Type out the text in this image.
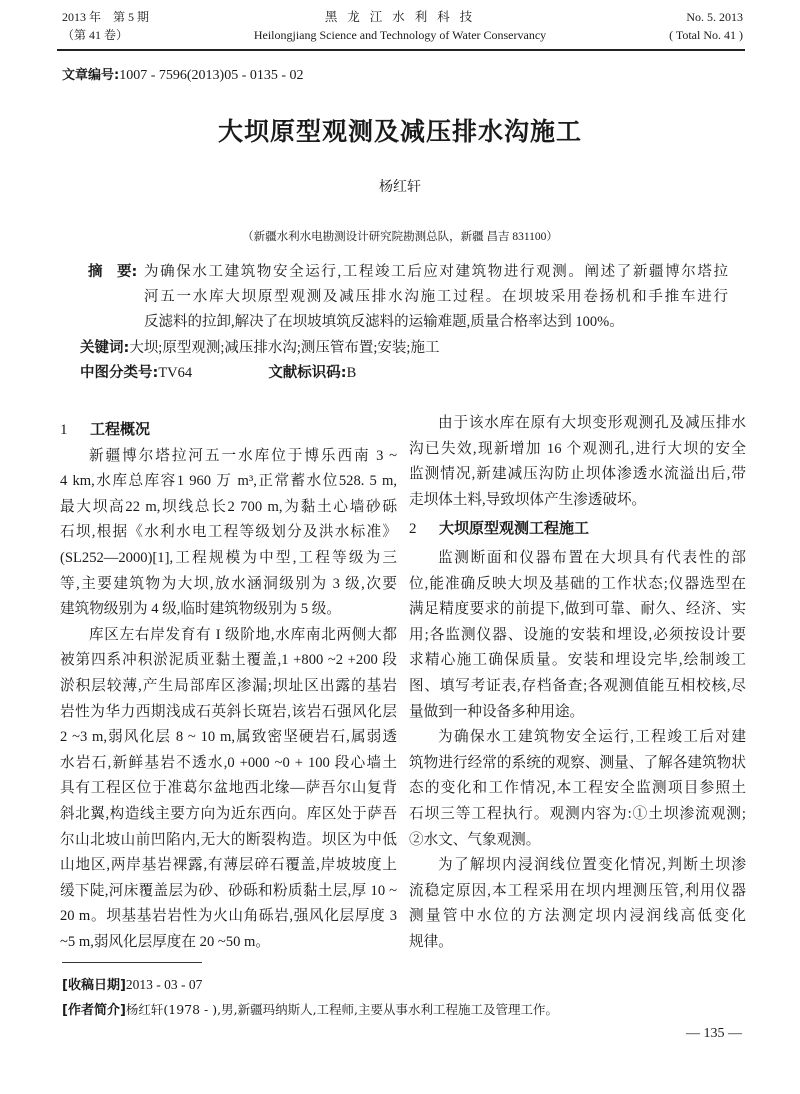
2013 年　第 5 期
（第 41 卷）
黑 龙 江 水 利 科 技
Heilongjiang Science and Technology of Water Conservancy
No. 5. 2013
( Total No. 41 )
文章编号:1007 - 7596(2013)05 - 0135 - 02
大坝原型观测及减压排水沟施工
杨红轩
（新疆水利水电勘测设计研究院勘测总队，新疆 昌吉 831100）
摘　要: 为确保水工建筑物安全运行,工程竣工后应对建筑物进行观测。阐述了新疆博尔塔拉
河五一水库大坝原型观测及减压排水沟施工过程。在坝坡采用卷扬机和手推车进行
反滤料的拉卸,解决了在坝坡填筑反滤料的运输难题,质量合格率达到 100%。
关键词:大坝;原型观测;减压排水沟;测压管布置;安装;施工
中图分类号:TV64	文献标识码:B
1 工程概况
新疆博尔塔拉河五一水库位于博乐西南 3 ~
4 km,水库总库容1 960 万 m³,正常蓄水位528. 5 m,
最大坝高22 m,坝线总长2 700 m,为黏土心墙砂砾
石坝,根据《水利水电工程等级划分及洪水标准》
(SL252—2000)[1],工程规模为中型,工程等级为三
等,主要建筑物为大坝,放水涵洞级别为 3 级,次要
建筑物级别为 4 级,临时建筑物级别为 5 级。
库区左右岸发育有 I 级阶地,水库南北两侧大都
被第四系冲积淤泥质亚黏土覆盖,1 +800 ~2 +200 段
淤积层较薄,产生局部库区渗漏;坝址区出露的基岩
岩性为华力西期浅成石英斜长斑岩,该岩石强风化层
2 ~3 m,弱风化层 8 ~ 10 m,属致密坚硬岩石,属弱透
水岩石,新鲜基岩不透水,0 +000 ~0 + 100 段心墙土
具有工程区位于准葛尔盆地西北缘—萨吾尔山复背
斜北翼,构造线主要方向为近东西向。库区处于萨吾
尔山北坡山前凹陷内,无大的断裂构造。坝区为中低
山地区,两岸基岩裸露,有薄层碎石覆盖,岸坡坡度上
缓下陡,河床覆盖层为砂、砂砾和粉质黏土层,厚 10 ~
20 m。坝基基岩岩性为火山角砾岩,强风化层厚度 3
~5 m,弱风化层厚度在 20 ~50 m。
由于该水库在原有大坝变形观测孔及减压排水
沟已失效,现新增加 16 个观测孔,进行大坝的安全
监测情况,新建减压沟防止坝体渗透水流溢出后,带
走坝体土料,导致坝体产生渗透破坏。
2 大坝原型观测工程施工
监测断面和仪器布置在大坝具有代表性的部
位,能准确反映大坝及基础的工作状态;仪器选型在
满足精度要求的前提下,做到可靠、耐久、经济、实
用;各监测仪器、设施的安装和埋设,必须按设计要
求精心施工确保质量。安装和埋设完毕,绘制竣工
图、填写考证表,存档备查;各观测值能互相校核,尽
量做到一种设备多种用途。
为确保水工建筑物安全运行,工程竣工后对建
筑物进行经常的系统的观察、测量、了解各建筑物状
态的变化和工作情况,本工程安全监测项目参照土
石坝三等工程执行。观测内容为:①土坝渗流观测;
②水文、气象观测。
为了解坝内浸润线位置变化情况,判断土坝渗
流稳定原因,本工程采用在坝内埋测压管,利用仪器
测量管中水位的方法测定坝内浸润线高低变化
规律。
[收稿日期]2013 - 03 - 07
[作者简介]杨红轩(1978 - ),男,新疆玛纳斯人,工程师,主要从事水利工程施工及管理工作。
— 135 —
